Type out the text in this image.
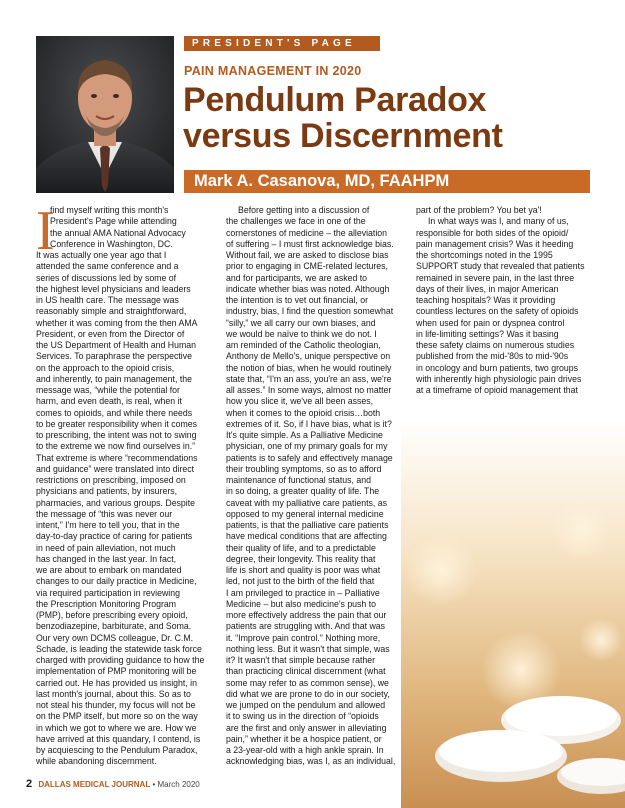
PRESIDENT'S PAGE
PAIN MANAGEMENT IN 2020
Pendulum Paradox
versus Discernment
Mark A. Casanova, MD, FAAHPM
I
find myself writing this month's
President's Page while attending
the annual AMA National Advocacy
Conference in Washington, DC.
It was actually one year ago that I
attended the same conference and a
series of discussions led by some of
the highest level physicians and leaders
in US health care. The message was
reasonably simple and straightforward,
whether it was coming from the then AMA
President, or even from the Director of
the US Department of Health and Human
Services. To paraphrase the perspective
on the approach to the opioid crisis,
and inherently, to pain management, the
message was, “while the potential for
harm, and even death, is real, when it
comes to opioids, and while there needs
to be greater responsibility when it comes
to prescribing, the intent was not to swing
to the extreme we now find ourselves in.”
That extreme is where “recommendations
and guidance” were translated into direct
restrictions on prescribing, imposed on
physicians and patients, by insurers,
pharmacies, and various groups. Despite
the message of “this was never our
intent,” I'm here to tell you, that in the
day-to-day practice of caring for patients
in need of pain alleviation, not much
has changed in the last year. In fact,
we are about to embark on mandated
changes to our daily practice in Medicine,
via required participation in reviewing
the Prescription Monitoring Program
(PMP), before prescribing every opioid,
benzodiazepine, barbiturate, and Soma.
Our very own DCMS colleague, Dr. C.M.
Schade, is leading the statewide task force
charged with providing guidance to how the
implementation of PMP monitoring will be
carried out. He has provided us insight, in
last month's journal, about this. So as to
not steal his thunder, my focus will not be
on the PMP itself, but more so on the way
in which we got to where we are. How we
have arrived at this quandary, I contend, is
by acquiescing to the Pendulum Paradox,
while abandoning discernment.
Before getting into a discussion of
the challenges we face in one of the
cornerstones of medicine – the alleviation
of suffering – I must first acknowledge bias.
Without fail, we are asked to disclose bias
prior to engaging in CME-related lectures,
and for participants, we are asked to
indicate whether bias was noted. Although
the intention is to vet out financial, or
industry, bias, I find the question somewhat
“silly,” we all carry our own biases, and
we would be naïve to think we do not. I
am reminded of the Catholic theologian,
Anthony de Mello's, unique perspective on
the notion of bias, when he would routinely
state that, “I'm an ass, you're an ass, we're
all asses.” In some ways, almost no matter
how you slice it, we've all been asses,
when it comes to the opioid crisis…both
extremes of it. So, if I have bias, what is it?
It's quite simple. As a Palliative Medicine
physician, one of my primary goals for my
patients is to safely and effectively manage
their troubling symptoms, so as to afford
maintenance of functional status, and
in so doing, a greater quality of life. The
caveat with my palliative care patients, as
opposed to my general internal medicine
patients, is that the palliative care patients
have medical conditions that are affecting
their quality of life, and to a predictable
degree, their longevity. This reality that
life is short and quality is poor was what
led, not just to the birth of the field that
I am privileged to practice in – Palliative
Medicine – but also medicine's push to
more effectively address the pain that our
patients are struggling with. And that was
it. “Improve pain control.” Nothing more,
nothing less. But it wasn't that simple, was
it? It wasn't that simple because rather
than practicing clinical discernment (what
some may refer to as common sense), we
did what we are prone to do in our society,
we jumped on the pendulum and allowed
it to swing us in the direction of “opioids
are the first and only answer in alleviating
pain,” whether it be a hospice patient, or
a 23-year-old with a high ankle sprain. In
acknowledging bias, was I, as an individual,
part of the problem? You bet ya'!
In what ways was I, and many of us,
responsible for both sides of the opioid/
pain management crisis? Was it heeding
the shortcomings noted in the 1995
SUPPORT study that revealed that patients
remained in severe pain, in the last three
days of their lives, in major American
teaching hospitals? Was it providing
countless lectures on the safety of opioids
when used for pain or dyspnea control
in life-limiting settings? Was it basing
these safety claims on numerous studies
published from the mid-'80s to mid-'90s
in oncology and burn patients, two groups
with inherently high physiologic pain drives
at a timeframe of opioid management that
2 DALLAS MEDICAL JOURNAL • March 2020
